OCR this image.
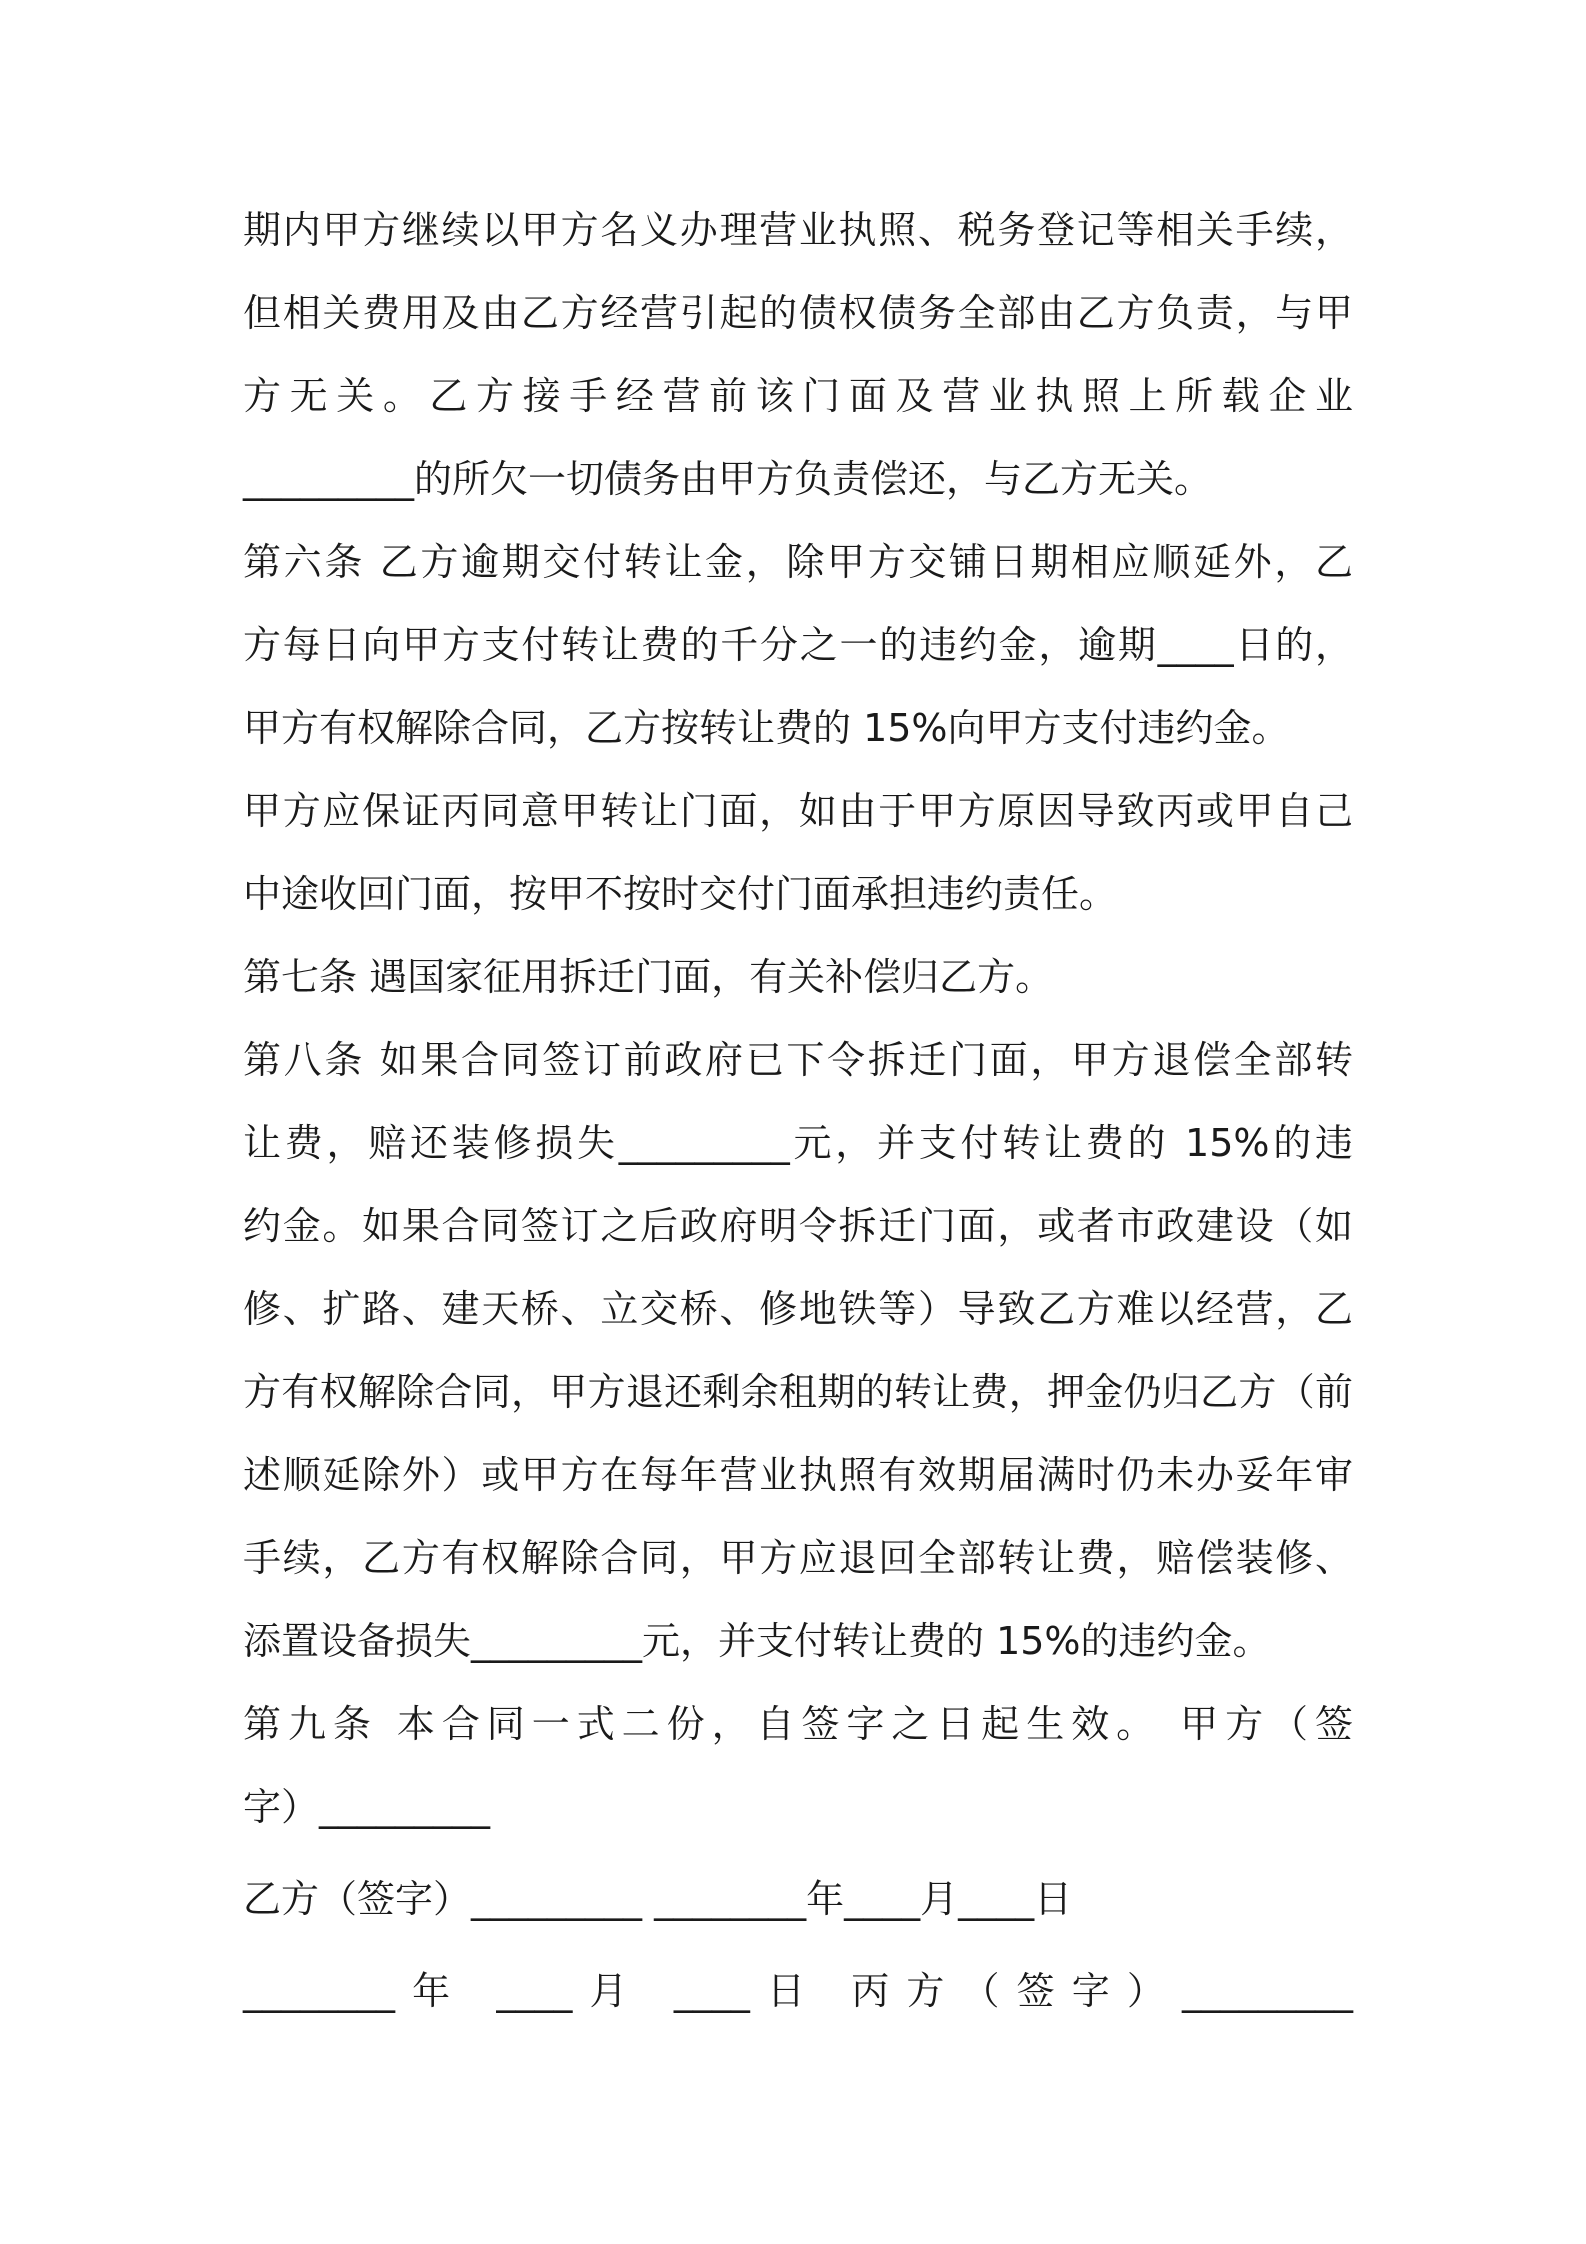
期内甲方继续以甲方名义办理营业执照、税务登记等相关手续，
但相关费用及由乙方经营引起的债权债务全部由乙方负责，与甲
方无关。乙方接手经营前该门面及营业执照上所载企业
_________的所欠一切债务由甲方负责偿还，与乙方无关。
第六条 乙方逾期交付转让金，除甲方交铺日期相应顺延外，乙
方每日向甲方支付转让费的千分之一的违约金，逾期____日的，
甲方有权解除合同，乙方按转让费的 15%向甲方支付违约金。
甲方应保证丙同意甲转让门面，如由于甲方原因导致丙或甲自己
中途收回门面，按甲不按时交付门面承担违约责任。
第七条 遇国家征用拆迁门面，有关补偿归乙方。
第八条 如果合同签订前政府已下令拆迁门面，甲方退偿全部转
让费，赔还装修损失_________元，并支付转让费的 15%的违
约金。如果合同签订之后政府明令拆迁门面，或者市政建设（如
修、扩路、建天桥、立交桥、修地铁等）导致乙方难以经营，乙
方有权解除合同，甲方退还剩余租期的转让费，押金仍归乙方（前
述顺延除外）或甲方在每年营业执照有效期届满时仍未办妥年审
手续，乙方有权解除合同，甲方应退回全部转让费，赔偿装修、
添置设备损失_________元，并支付转让费的 15%的违约金。
第九条 本合同一式二份，自签字之日起生效。 甲方（签
字）_________
乙方（签字）_________ ________年____月____日
________年 ____月 ____日 丙方（签字）_________
